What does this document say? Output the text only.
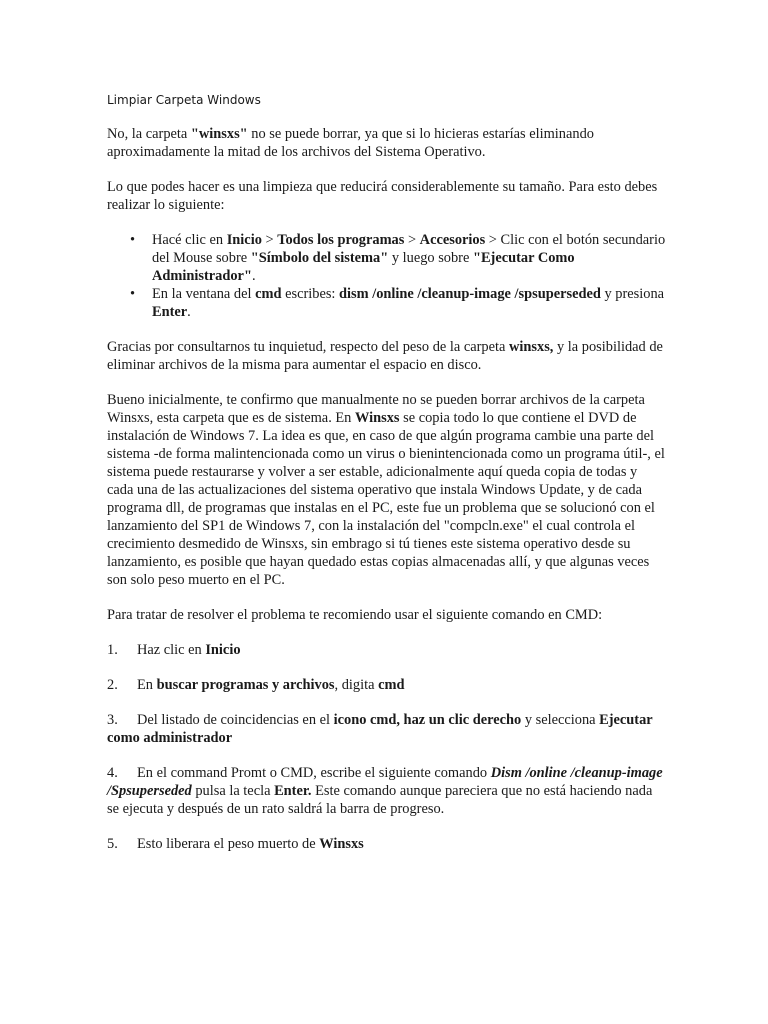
Limpiar Carpeta Windows

No, la carpeta "winsxs" no se puede borrar, ya que si lo hicieras estarías eliminando aproximadamente la mitad de los archivos del Sistema Operativo.

Lo que podes hacer es una limpieza que reducirá considerablemente su tamaño. Para esto debes realizar lo siguiente:

• Hacé clic en Inicio > Todos los programas > Accesorios > Clic con el botón secundario del Mouse sobre "Símbolo del sistema" y luego sobre "Ejecutar Como Administrador".
• En la ventana del cmd escribes: dism /online /cleanup-image /spsuperseded y presiona Enter.

Gracias por consultarnos tu inquietud, respecto del peso de la carpeta winsxs, y la posibilidad de eliminar archivos de la misma para aumentar el espacio en disco.

Bueno inicialmente, te confirmo que manualmente no se pueden borrar archivos de la carpeta Winsxs, esta carpeta que es de sistema. En Winsxs se copia todo lo que contiene el DVD de instalación de Windows 7. La idea es que, en caso de que algún programa cambie una parte del sistema -de forma malintencionada como un virus o bienintencionada como un programa útil-, el sistema puede restaurarse y volver a ser estable, adicionalmente aquí queda copia de todas y cada una de las actualizaciones del sistema operativo que instala Windows Update, y de cada programa dll, de programas que instalas en el PC, este fue un problema que se solucionó con el lanzamiento del SP1 de Windows 7, con la instalación del "compcln.exe" el cual controla el crecimiento desmedido de Winsxs, sin embrago si tú tienes este sistema operativo desde su lanzamiento, es posible que hayan quedado estas copias almacenadas allí, y que algunas veces son solo peso muerto en el PC.

Para tratar de resolver el problema te recomiendo usar el siguiente comando en CMD:

1. Haz clic en Inicio
2. En buscar programas y archivos, digita cmd
3. Del listado de coincidencias en el icono cmd, haz un clic derecho y selecciona Ejecutar como administrador
4. En el command Promt o CMD, escribe el siguiente comando Dism /online /cleanup-image /Spsuperseded pulsa la tecla Enter. Este comando aunque pareciera que no está haciendo nada se ejecuta y después de un rato saldrá la barra de progreso.
5. Esto liberara el peso muerto de Winsxs
